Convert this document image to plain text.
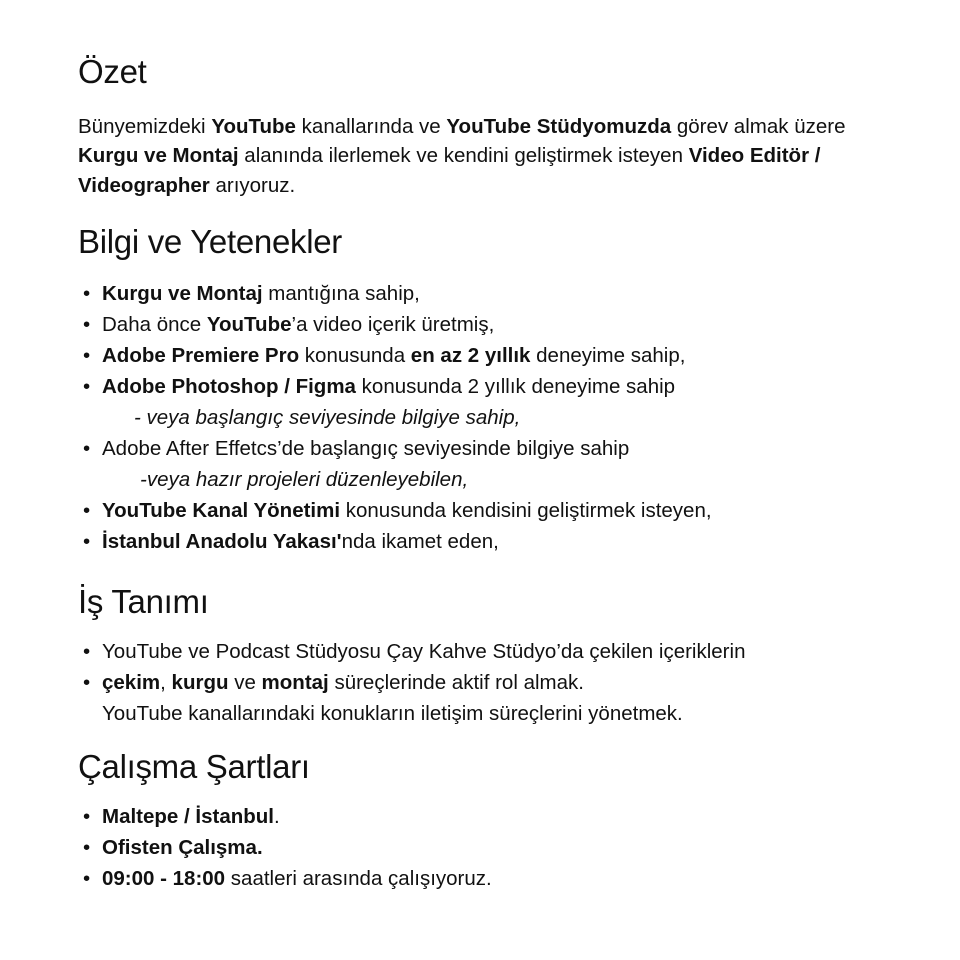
Özet

Bünyemizdeki YouTube kanallarında ve YouTube Stüdyomuzda görev almak üzere Kurgu ve Montaj alanında ilerlemek ve kendini geliştirmek isteyen Video Editör / Videographer arıyoruz.

Bilgi ve Yetenekler
• Kurgu ve Montaj mantığına sahip,
• Daha önce YouTube’a video içerik üretmiş,
• Adobe Premiere Pro konusunda en az 2 yıllık deneyime sahip,
• Adobe Photoshop / Figma konusunda 2 yıllık deneyime sahip
- veya başlangıç seviyesinde bilgiye sahip,
• Adobe After Effetcs’de başlangıç seviyesinde bilgiye sahip
-veya hazır projeleri düzenleyebilen,
• YouTube Kanal Yönetimi konusunda kendisini geliştirmek isteyen,
• İstanbul Anadolu Yakası'nda ikamet eden,
İş Tanımı
• YouTube ve Podcast Stüdyosu Çay Kahve Stüdyo’da çekilen içeriklerin
• çekim, kurgu ve montaj süreçlerinde aktif rol almak.
YouTube kanallarındaki konukların iletişim süreçlerini yönetmek.
Çalışma Şartları
• Maltepe / İstanbul.
• Ofisten Çalışma.
• 09:00 - 18:00 saatleri arasında çalışıyoruz.
